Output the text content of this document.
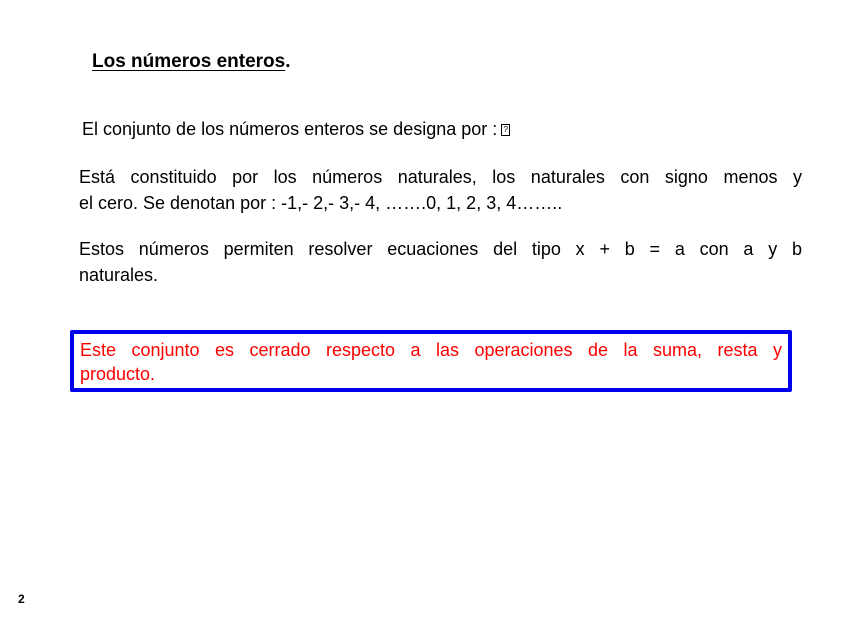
Los números enteros.
El conjunto de los números enteros se designa por :?
Está constituido por los números naturales, los naturales con signo menos y
el cero. Se denotan por : -1,- 2,- 3,- 4, …….0, 1, 2, 3, 4……..
Estos números permiten resolver ecuaciones del tipo x + b = a con a y b
naturales.
Este conjunto es cerrado respecto a las operaciones de la suma, resta y
producto.
2
